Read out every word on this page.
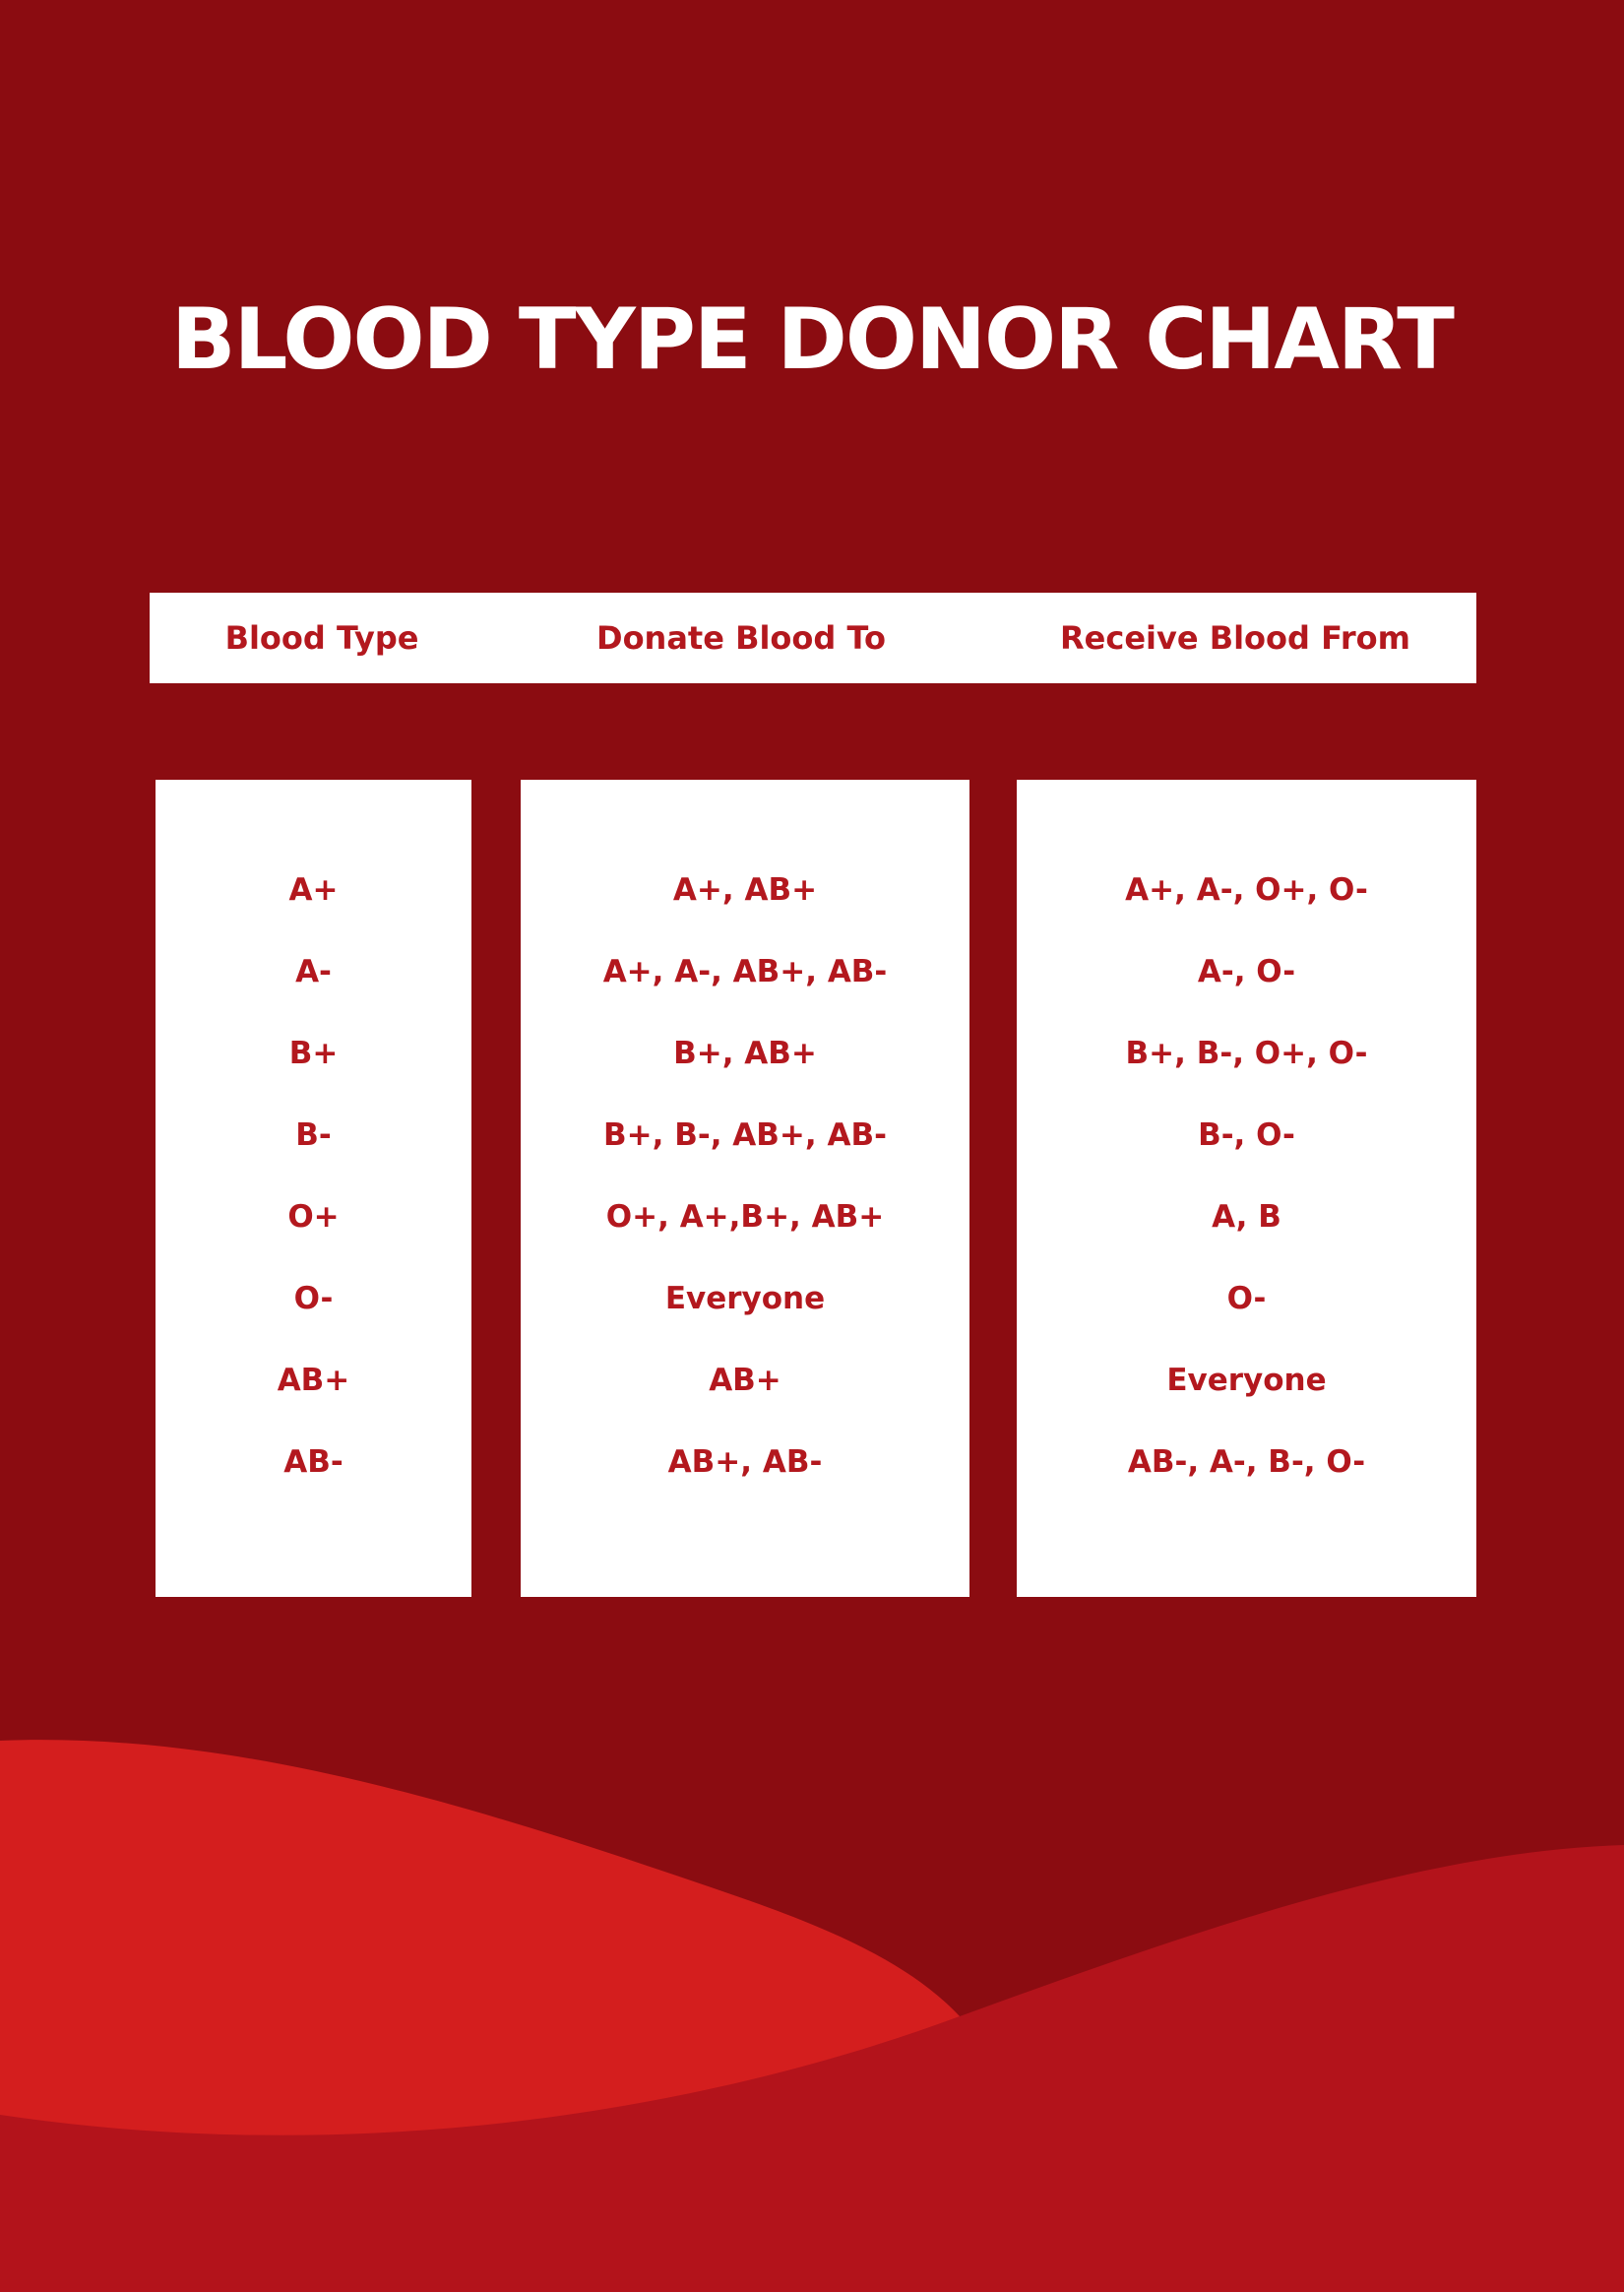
BLOOD TYPE DONOR CHART
Blood Type	Donate Blood To	Receive Blood From
A+
A-
B+
B-
O+
O-
AB+
AB-
A+, AB+
A+, A-, AB+, AB-
B+, AB+
B+, B-, AB+, AB-
O+, A+,B+, AB+
Everyone
AB+
AB+, AB-
A+, A-, O+, O-
A-, O-
B+, B-, O+, O-
B-, O-
A, B
O-
Everyone
AB-, A-, B-, O-
